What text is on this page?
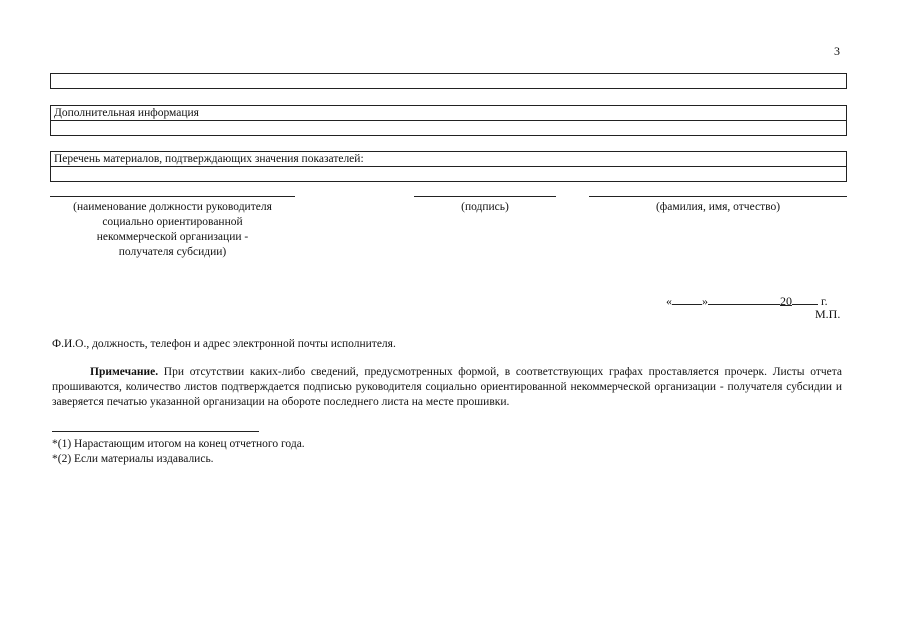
3
Дополнительная информация
Перечень материалов, подтверждающих значения показателей:
(наименование должности руководителя
социально ориентированной
некоммерческой организации -
получателя субсидии)
(подпись)	(фамилия, имя, отчество)
«	»	20 г.
М.П.
Ф.И.О., должность, телефон и адрес электронной почты исполнителя.
Примечание. При отсутствии каких-либо сведений, предусмотренных формой, в соответствующих графах проставляется прочерк. Листы отчета прошиваются, количество листов подтверждается подписью руководителя социально ориентированной некоммерческой организации - получателя субсидии и заверяется печатью указанной организации на обороте последнего листа на месте прошивки.
*(1) Нарастающим итогом на конец отчетного года.
*(2) Если материалы издавались.
